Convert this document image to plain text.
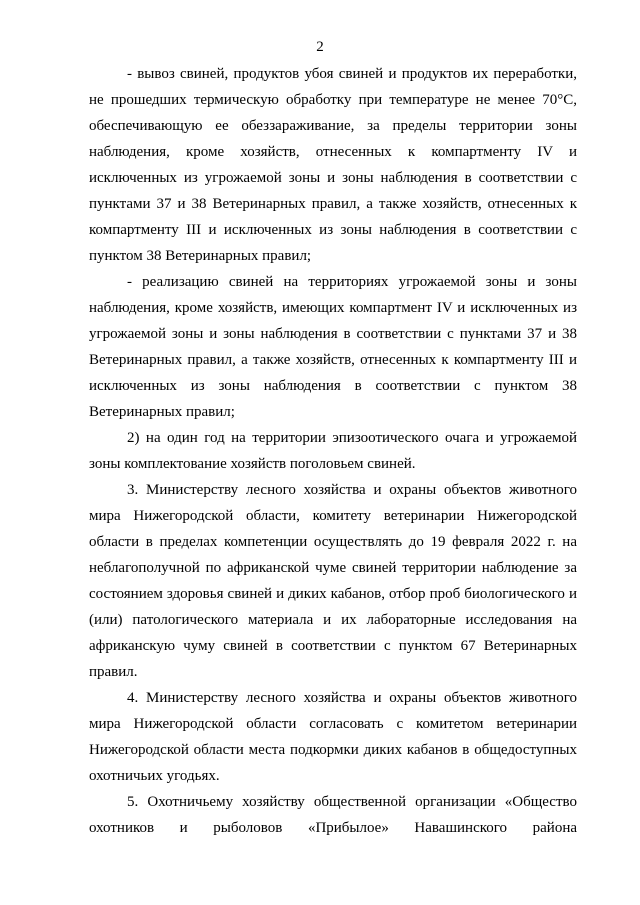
2

- вывоз свиней, продуктов убоя свиней и продуктов их переработки, не прошедших термическую обработку при температуре не менее 70°С, обеспечивающую ее обеззараживание, за пределы территории зоны наблюдения, кроме хозяйств, отнесенных к компартменту IV и исключенных из угрожаемой зоны и зоны наблюдения в соответствии с пунктами 37 и 38 Ветеринарных правил, а также хозяйств, отнесенных к компартменту III и исключенных из зоны наблюдения в соответствии с пунктом 38 Ветеринарных правил;

- реализацию свиней на территориях угрожаемой зоны и зоны наблюдения, кроме хозяйств, имеющих компартмент IV и исключенных из угрожаемой зоны и зоны наблюдения в соответствии с пунктами 37 и 38 Ветеринарных правил, а также хозяйств, отнесенных к компартменту III и исключенных из зоны наблюдения в соответствии с пунктом 38 Ветеринарных правил;

2) на один год на территории эпизоотического очага и угрожаемой зоны комплектование хозяйств поголовьем свиней.

3. Министерству лесного хозяйства и охраны объектов животного мира Нижегородской области, комитету ветеринарии Нижегородской области в пределах компетенции осуществлять до 19 февраля 2022 г. на неблагополучной по африканской чуме свиней территории наблюдение за состоянием здоровья свиней и диких кабанов, отбор проб биологического и (или) патологического материала и их лабораторные исследования на африканскую чуму свиней в соответствии с пунктом 67 Ветеринарных правил.

4. Министерству лесного хозяйства и охраны объектов животного мира Нижегородской области согласовать с комитетом ветеринарии Нижегородской области места подкормки диких кабанов в общедоступных охотничьих угодьях.

5. Охотничьему хозяйству общественной организации «Общество охотников и рыболовов «Прибылое» Навашинского района
